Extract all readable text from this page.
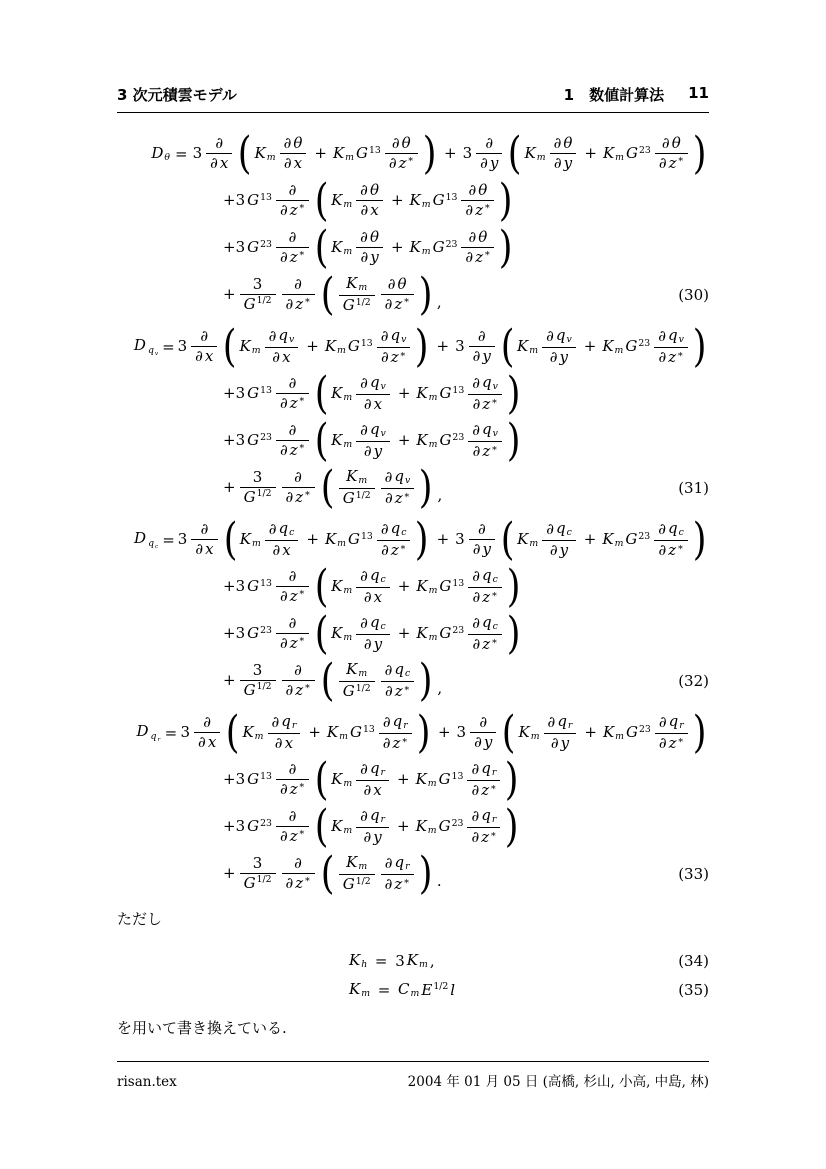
3 次元積雲モデル	1　数値計算法 11
$D\theta = 3 \frac{\partial}{\partial x}$ ( Km $\frac{\partial \theta}{\partial x} + Km$ $G^{13} \frac{\partial \theta}{\partial z^∗}$ ) + $3 \frac{\partial}{\partial y}$ ( Km $\frac{\partial \theta}{\partial y} + Km$ $G^{23} \frac{\partial \theta}{\partial z^∗}$ )
+3 $G^{13} \frac{\partial}{\partial z^∗}$ ( Km $\frac{\partial \theta}{\partial x} + Km$ $G^{13} \frac{\partial \theta}{\partial z^∗}$ )
+3 $G^{23} \frac{\partial}{\partial z^∗}$ ( Km $\frac{\partial \theta}{\partial y} + Km$ $G^{23} \frac{\partial \theta}{\partial z^∗}$ )
+ $\frac{3}{G^{1/2}} \frac{\partial}{\partial z^∗}$ ( $\frac{Km}{G^{1/2}} \frac{\partial \theta}{\partial z^∗}$ ) ,	(30)
D qv = $3 \frac{\partial}{\partial x}$ ( Km $\frac{\partial qv}{\partial x} + Km$ $G^{13} \frac{\partial qv}{\partial z^∗}$ ) + $3 \frac{\partial}{\partial y}$ ( Km $\frac{\partial qv}{\partial y} + Km$ $G^{23} \frac{\partial qv}{\partial z^∗}$ )
+3 $G^{13} \frac{\partial}{\partial z^∗}$ ( Km $\frac{\partial qv}{\partial x} + Km$ $G^{13} \frac{\partial qv}{\partial z^∗}$ )
+3 $G^{23} \frac{\partial}{\partial z^∗}$ ( Km $\frac{\partial qv}{\partial y} + Km$ $G^{23} \frac{\partial qv}{\partial z^∗}$ )
+ $\frac{3}{G^{1/2}} \frac{\partial}{\partial z^∗}$ ( $\frac{Km}{G^{1/2}} \frac{\partial qv}{\partial z^∗}$ ) ,	(31)
D qc = $3 \frac{\partial}{\partial x}$ ( Km $\frac{\partial qc}{\partial x} + Km$ $G^{13} \frac{\partial qc}{\partial z^∗}$ ) + $3 \frac{\partial}{\partial y}$ ( Km $\frac{\partial qc}{\partial y} + Km$ $G^{23} \frac{\partial qc}{\partial z^∗}$ )
+3 $G^{13} \frac{\partial}{\partial z^∗}$ ( Km $\frac{\partial qc}{\partial x} + Km$ $G^{13} \frac{\partial qc}{\partial z^∗}$ )
+3 $G^{23} \frac{\partial}{\partial z^∗}$ ( Km $\frac{\partial qc}{\partial y} + Km$ $G^{23} \frac{\partial qc}{\partial z^∗}$ )
+ $\frac{3}{G^{1/2}} \frac{\partial}{\partial z^∗}$ ( $\frac{Km}{G^{1/2}} \frac{\partial qc}{\partial z^∗}$ ) ,	(32)
D qr = $3 \frac{\partial}{\partial x}$ ( Km $\frac{\partial qr}{\partial x} + Km$ $G^{13} \frac{\partial qr}{\partial z^∗}$ ) + $3 \frac{\partial}{\partial y}$ ( Km $\frac{\partial qr}{\partial y} + Km$ $G^{23} \frac{\partial qr}{\partial z^∗}$ )
+3 $G^{13} \frac{\partial}{\partial z^∗}$ ( Km $\frac{\partial qr}{\partial x} + Km$ $G^{13} \frac{\partial qr}{\partial z^∗}$ )
+3 $G^{23} \frac{\partial}{\partial z^∗}$ ( Km $\frac{\partial qr}{\partial y} + Km$ $G^{23} \frac{\partial qr}{\partial z^∗}$ )
+ $\frac{3}{G^{1/2}} \frac{\partial}{\partial z^∗}$ ( $\frac{Km}{G^{1/2}} \frac{\partial qr}{\partial z^∗}$ ) .	(33)
ただし
Kh = 3 Km ,	(34)
Km = Cm $E^{1/2}$ l	(35)
を用いて書き換えている.
risan.tex	2004 年 01 月 05 日 (高橋, 杉山, 小高, 中島, 林)
